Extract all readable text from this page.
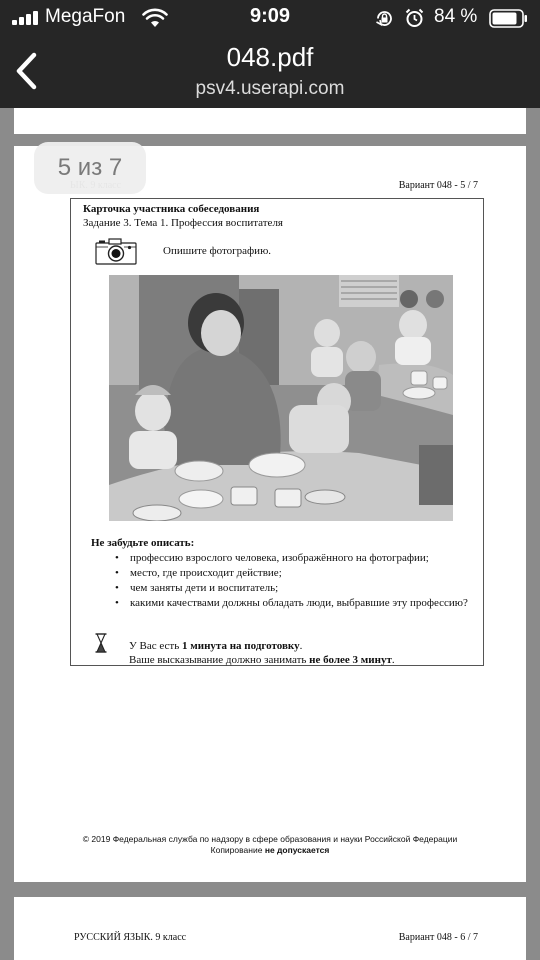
MegaFon	9:09	84 %
048.pdf
psv4.userapi.com
Вариант 048 - 5 / 7
Карточка участника собеседования
Задание 3. Тема 1. Профессия воспитателя
Опишите фотографию.
Не забудьте описать:
• профессию взрослого человека, изображённого на фотографии;
• место, где происходит действие;
• чем заняты дети и воспитатель;
• какими качествами должны обладать люди, выбравшие эту профессию?
У Вас есть 1 минута на подготовку.
Ваше высказывание должно занимать не более 3 минут.
© 2019 Федеральная служба по надзору в сфере образования и науки Российской Федерации
Копирование не допускается
5 из 7
РУССКИЙ ЯЗЫК. 9 класс	Вариант 048 - 6 / 7
